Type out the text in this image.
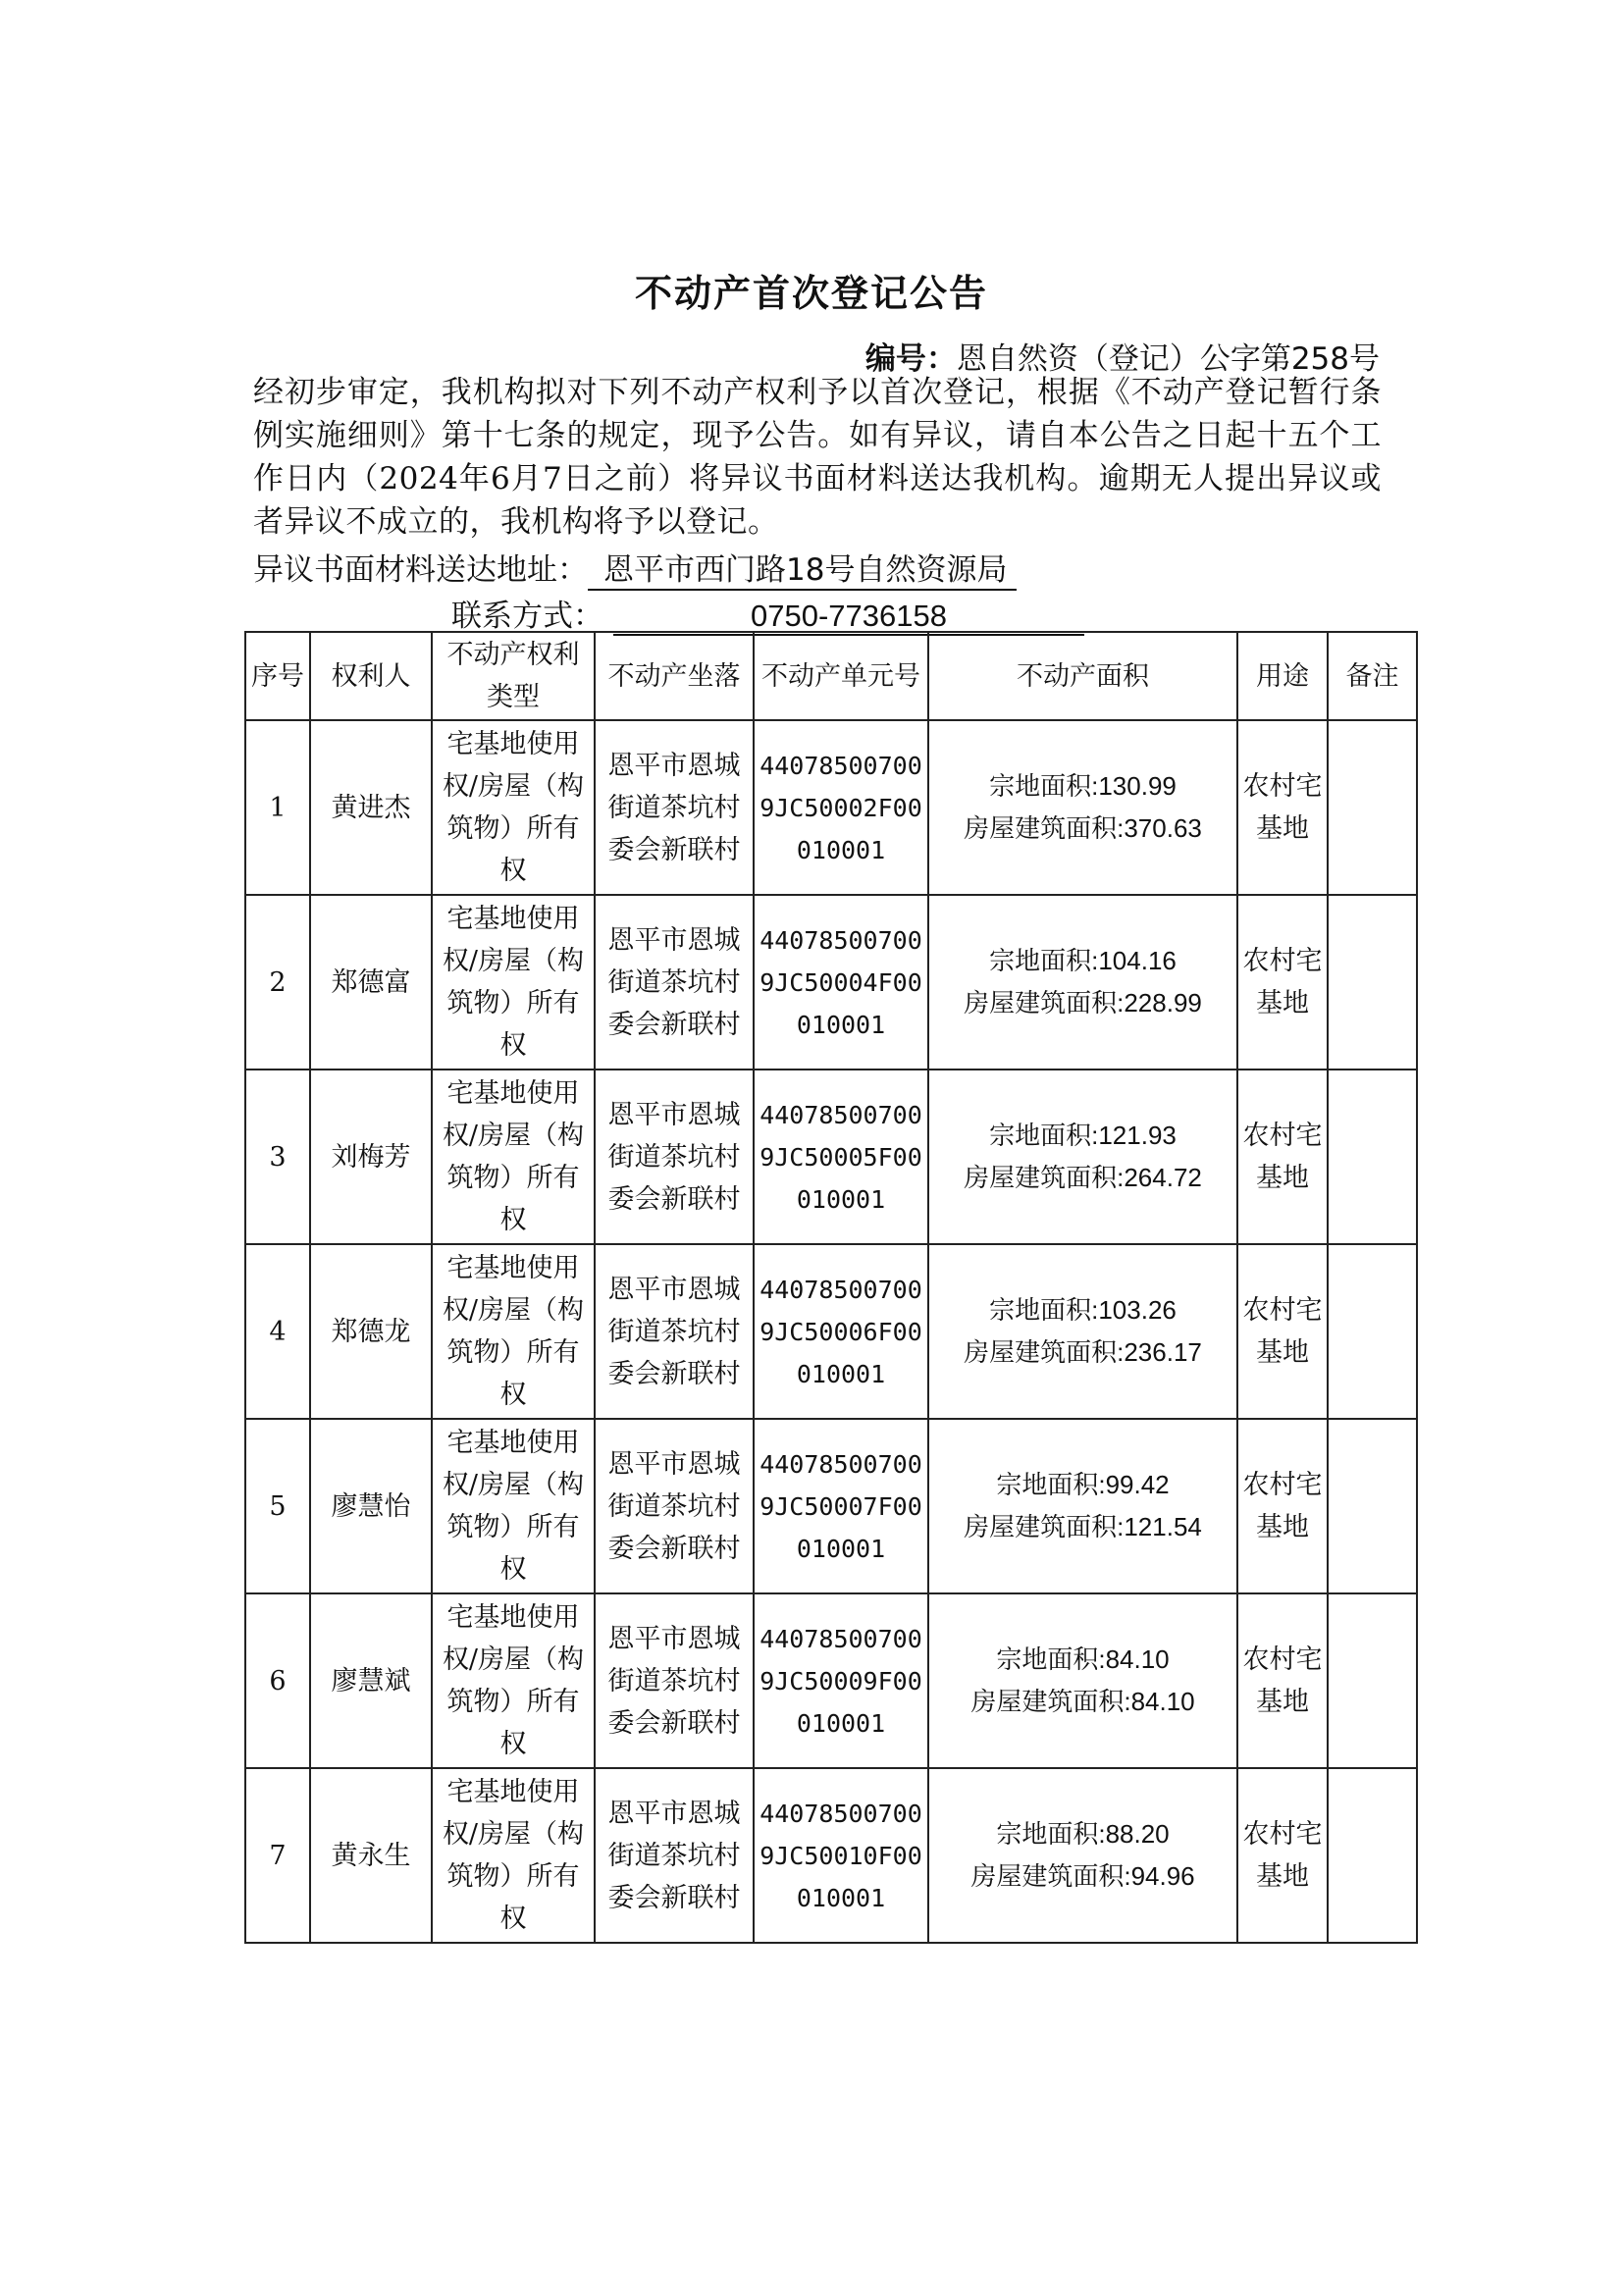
不动产首次登记公告
编号：恩自然资（登记）公字第258号
经初步审定，我机构拟对下列不动产权利予以首次登记，根据《不动产登记暂行条例实施细则》第十七条的规定，现予公告。如有异议，请自本公告之日起十五个工作日内（2024年6月7日之前）将异议书面材料送达我机构。逾期无人提出异议或者异议不成立的，我机构将予以登记。
异议书面材料送达地址： 恩平市西门路18号自然资源局
联系方式：	0750-7736158
序号	权利人	不动产权利类型	不动产坐落	不动产单元号	不动产面积	用途	备注
1	黄进杰	宅基地使用权/房屋（构筑物）所有权	恩平市恩城街道茶坑村委会新联村	440785007009JC50002F00010001	宗地面积:130.99
房屋建筑面积:370.63	农村宅基地	
2	郑德富	宅基地使用权/房屋（构筑物）所有权	恩平市恩城街道茶坑村委会新联村	440785007009JC50004F00010001	宗地面积:104.16
房屋建筑面积:228.99	农村宅基地	
3	刘梅芳	宅基地使用权/房屋（构筑物）所有权	恩平市恩城街道茶坑村委会新联村	440785007009JC50005F00010001	宗地面积:121.93
房屋建筑面积:264.72	农村宅基地	
4	郑德龙	宅基地使用权/房屋（构筑物）所有权	恩平市恩城街道茶坑村委会新联村	440785007009JC50006F00010001	宗地面积:103.26
房屋建筑面积:236.17	农村宅基地	
5	廖慧怡	宅基地使用权/房屋（构筑物）所有权	恩平市恩城街道茶坑村委会新联村	440785007009JC50007F00010001	宗地面积:99.42
房屋建筑面积:121.54	农村宅基地	
6	廖慧斌	宅基地使用权/房屋（构筑物）所有权	恩平市恩城街道茶坑村委会新联村	440785007009JC50009F00010001	宗地面积:84.10
房屋建筑面积:84.10	农村宅基地	
7	黄永生	宅基地使用权/房屋（构筑物）所有权	恩平市恩城街道茶坑村委会新联村	440785007009JC50010F00010001	宗地面积:88.20
房屋建筑面积:94.96	农村宅基地	
